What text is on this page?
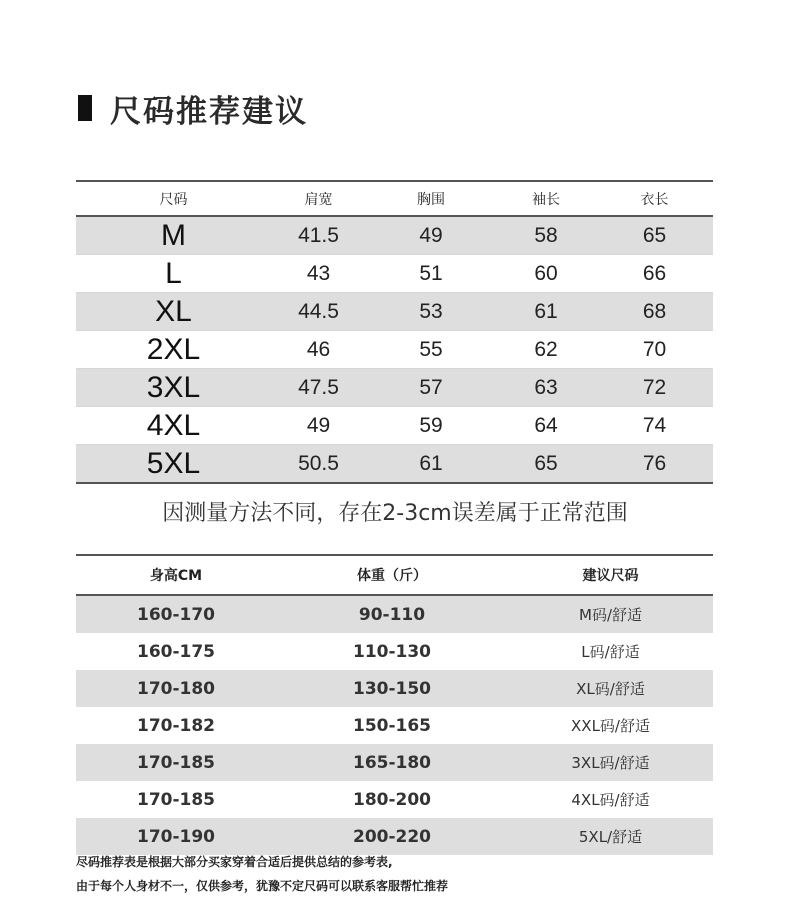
尺码推荐建议
尺码	肩宽	胸围	袖长	衣长
M	41.5	49	58	65
L	43	51	60	66
XL	44.5	53	61	68
2XL	46	55	62	70
3XL	47.5	57	63	72
4XL	49	59	64	74
5XL	50.5	61	65	76
因测量方法不同，存在2-3cm误差属于正常范围
身高CM	体重（斤）	建议尺码
160-170	90-110	M码/舒适
160-175	110-130	L码/舒适
170-180	130-150	XL码/舒适
170-182	150-165	XXL码/舒适
170-185	165-180	3XL码/舒适
170-185	180-200	4XL码/舒适
170-190	200-220	5XL/舒适
尽码推荐表是根据大部分买家穿着合适后提供总结的参考表,
由于每个人身材不一，仅供参考，犹豫不定尺码可以联系客服帮忙推荐
